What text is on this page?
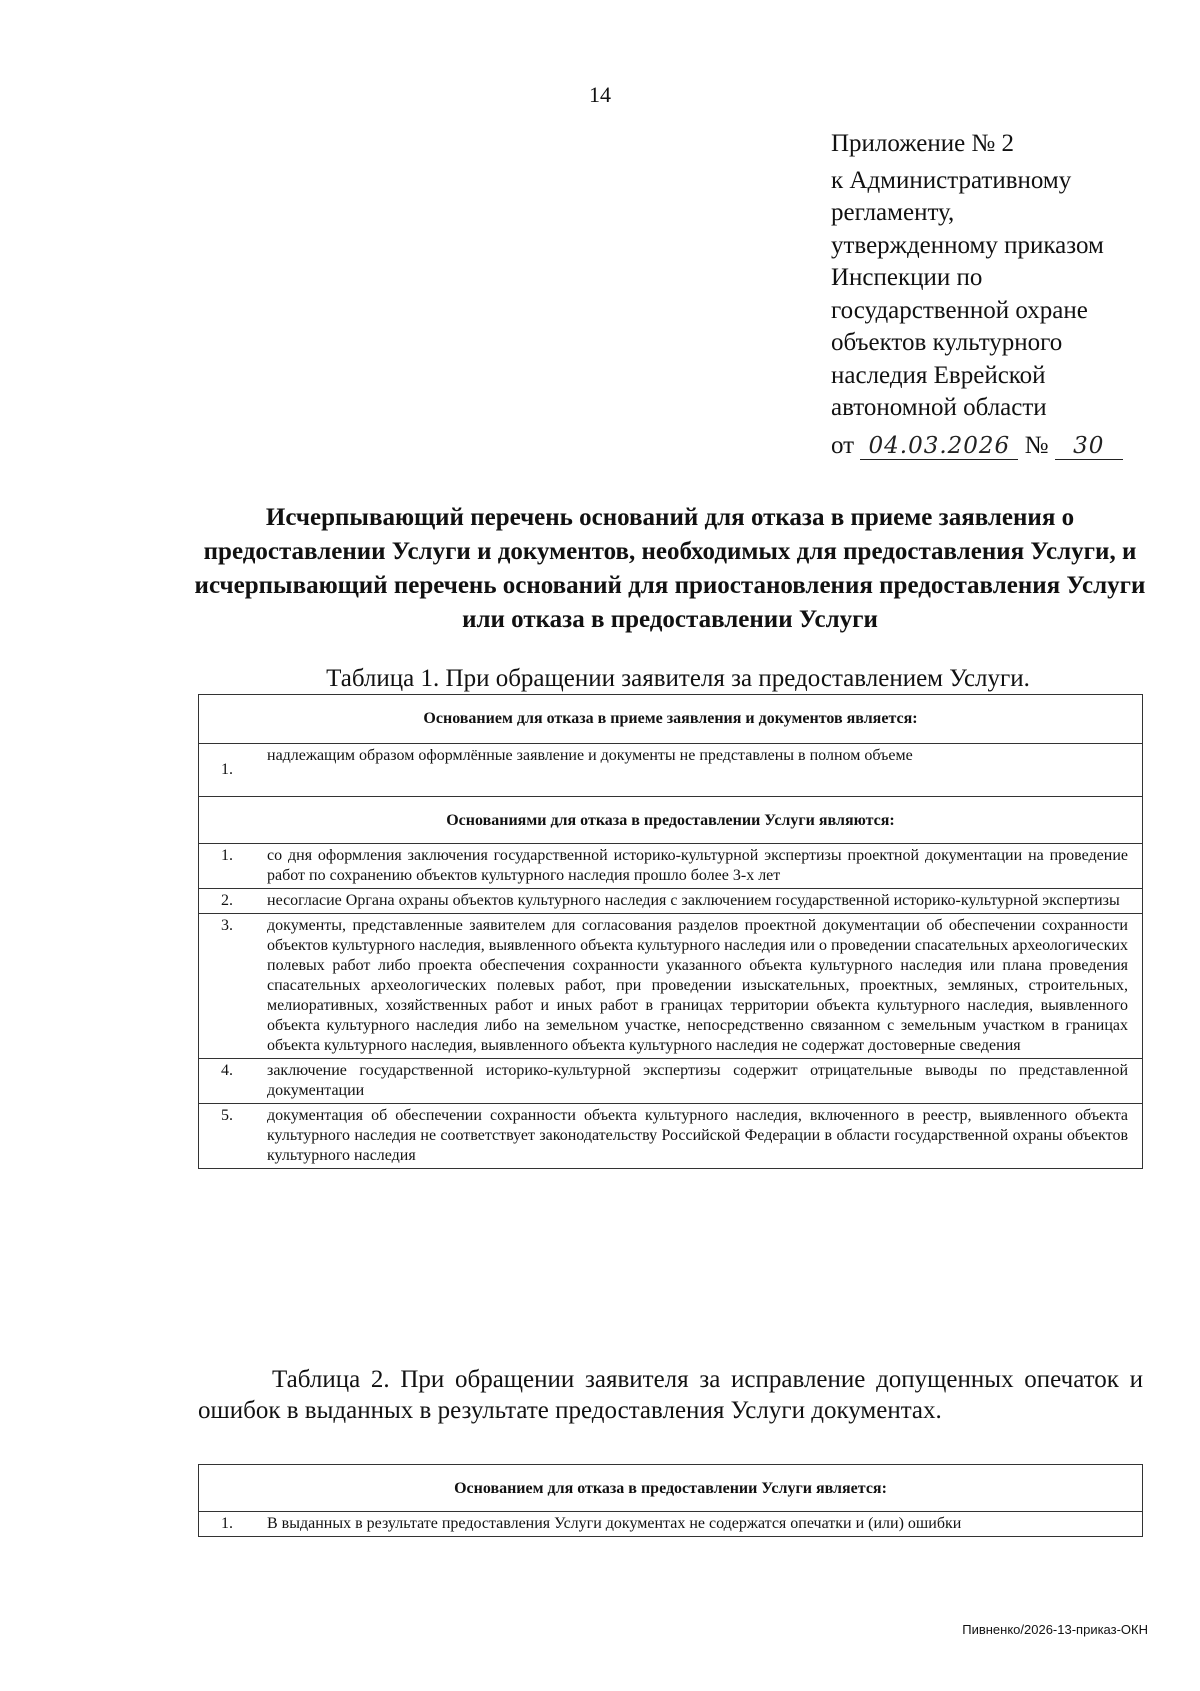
14
Приложение № 2
к Административному
регламенту,
утвержденному приказом
Инспекции по
государственной охране
объектов культурного
наследия Еврейской
автономной области
от 04.03.2026 № 30
Исчерпывающий перечень оснований для отказа в приеме заявления о предоставлении Услуги и документов, необходимых для предоставления Услуги, и исчерпывающий перечень оснований для приостановления предоставления Услуги или отказа в предоставлении Услуги
Таблица 1. При обращении заявителя за предоставлением Услуги.
Основанием для отказа в приеме заявления и документов является:	
1.	надлежащим образом оформлённые заявление и документы не представлены в полном объеме
Основаниями для отказа в предоставлении Услуги являются:	
1.	со дня оформления заключения государственной историко-культурной экспертизы проектной документации на проведение работ по сохранению объектов культурного наследия прошло более 3-х лет
2.	несогласие Органа охраны объектов культурного наследия с заключением государственной историко-культурной экспертизы
3.	документы, представленные заявителем для согласования разделов проектной документации об обеспечении сохранности объектов культурного наследия, выявленного объекта культурного наследия или о проведении спасательных археологических полевых работ либо проекта обеспечения сохранности указанного объекта культурного наследия или плана проведения спасательных археологических полевых работ, при проведении изыскательных, проектных, земляных, строительных, мелиоративных, хозяйственных работ и иных работ в границах территории объекта культурного наследия, выявленного объекта культурного наследия либо на земельном участке, непосредственно связанном с земельным участком в границах объекта культурного наследия, выявленного объекта культурного наследия не содержат достоверные сведения
4.	заключение государственной историко-культурной экспертизы содержит отрицательные выводы по представленной документации
5.	документация об обеспечении сохранности объекта культурного наследия, включенного в реестр, выявленного объекта культурного наследия не соответствует законодательству Российской Федерации в области государственной охраны объектов культурного наследия
Таблица 2. При обращении заявителя за исправление допущенных опечаток и ошибок в выданных в результате предоставления Услуги документах.
Основанием для отказа в предоставлении Услуги является:
1.	В выданных в результате предоставления Услуги документах не содержатся опечатки и (или) ошибки
Пивненко/2026-13-приказ-ОКН
